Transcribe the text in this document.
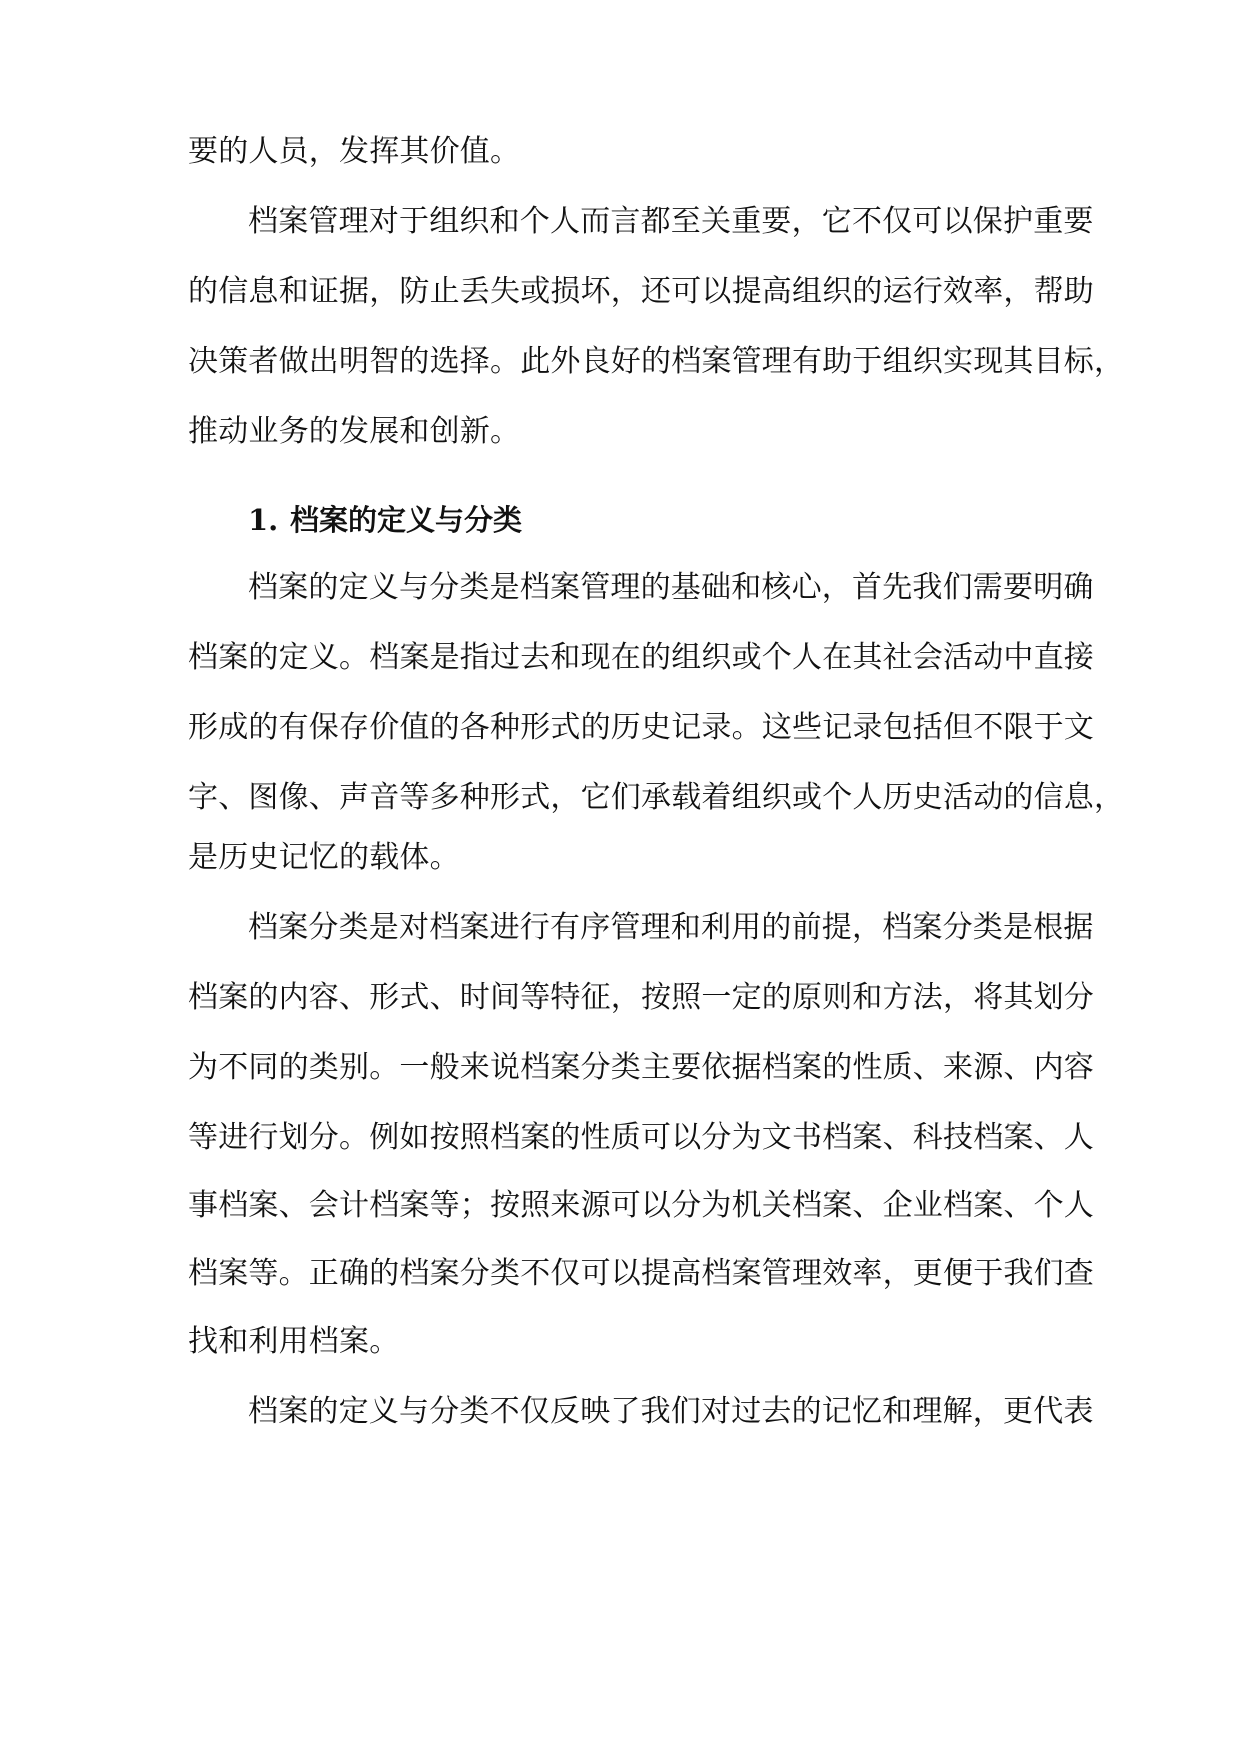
要的人员，发挥其价值。
档案管理对于组织和个人而言都至关重要，它不仅可以保护重要
的信息和证据，防止丢失或损坏，还可以提高组织的运行效率，帮助
决策者做出明智的选择。此外良好的档案管理有助于组织实现其目标，
推动业务的发展和创新。
1. 档案的定义与分类
档案的定义与分类是档案管理的基础和核心，首先我们需要明确
档案的定义。档案是指过去和现在的组织或个人在其社会活动中直接
形成的有保存价值的各种形式的历史记录。这些记录包括但不限于文
字、图像、声音等多种形式，它们承载着组织或个人历史活动的信息，
是历史记忆的载体。
档案分类是对档案进行有序管理和利用的前提，档案分类是根据
档案的内容、形式、时间等特征，按照一定的原则和方法，将其划分
为不同的类别。一般来说档案分类主要依据档案的性质、来源、内容
等进行划分。例如按照档案的性质可以分为文书档案、科技档案、人
事档案、会计档案等；按照来源可以分为机关档案、企业档案、个人
档案等。正确的档案分类不仅可以提高档案管理效率，更便于我们查
找和利用档案。
档案的定义与分类不仅反映了我们对过去的记忆和理解，更代表
